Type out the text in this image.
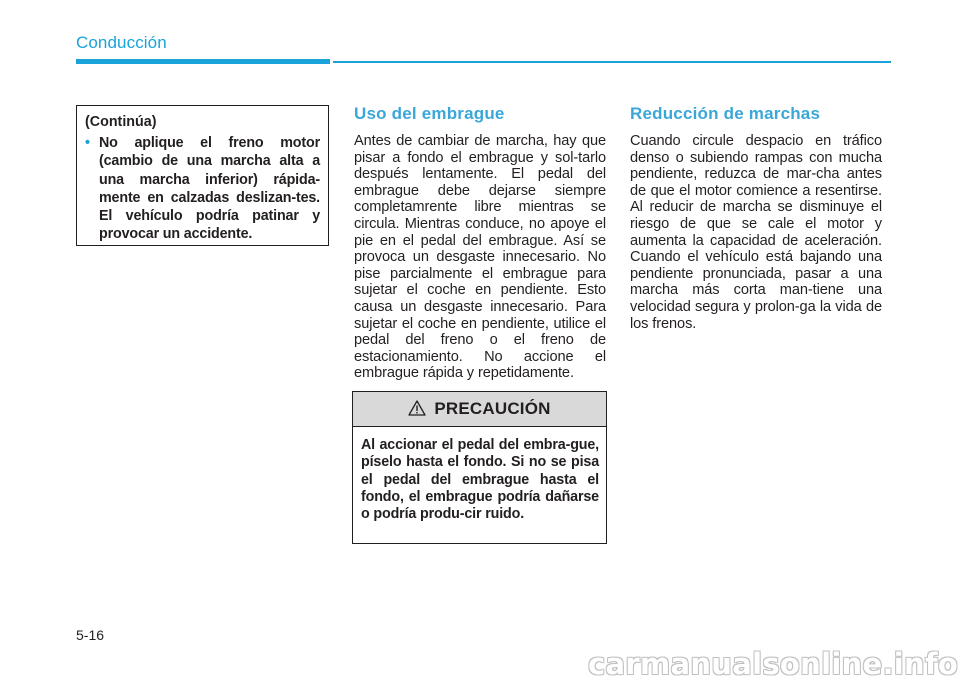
Conducción
(Continúa)
• No aplique el freno motor (cambio de una marcha alta a una marcha inferior) rápida-mente en calzadas deslizan-tes. El vehículo podría patinar y provocar un accidente.
Uso del embrague

Antes de cambiar de marcha, hay que pisar a fondo el embrague y sol-tarlo después lentamente. El pedal del embrague debe dejarse siempre completamrente libre mientras se circula. Mientras conduce, no apoye el pie en el pedal del embrague. Así se provoca un desgaste innecesario. No pise parcialmente el embrague para sujetar el coche en pendiente. Esto causa un desgaste innecesario. Para sujetar el coche en pendiente, utilice el pedal del freno o el freno de estacionamiento. No accione el embrague rápida y repetidamente.

PRECAUCIÓN
Al accionar el pedal del embra-gue, píselo hasta el fondo. Si no se pisa el pedal del embrague hasta el fondo, el embrague podría dañarse o podría produ-cir ruido.
Reducción de marchas

Cuando circule despacio en tráfico denso o subiendo rampas con mucha pendiente, reduzca de mar-cha antes de que el motor comience a resentirse. Al reducir de marcha se disminuye el riesgo de que se cale el motor y aumenta la capacidad de aceleración. Cuando el vehículo está bajando una pendiente pronunciada, pasar a una marcha más corta man-tiene una velocidad segura y prolon-ga la vida de los frenos.

5-16
carmanualsonline.info
